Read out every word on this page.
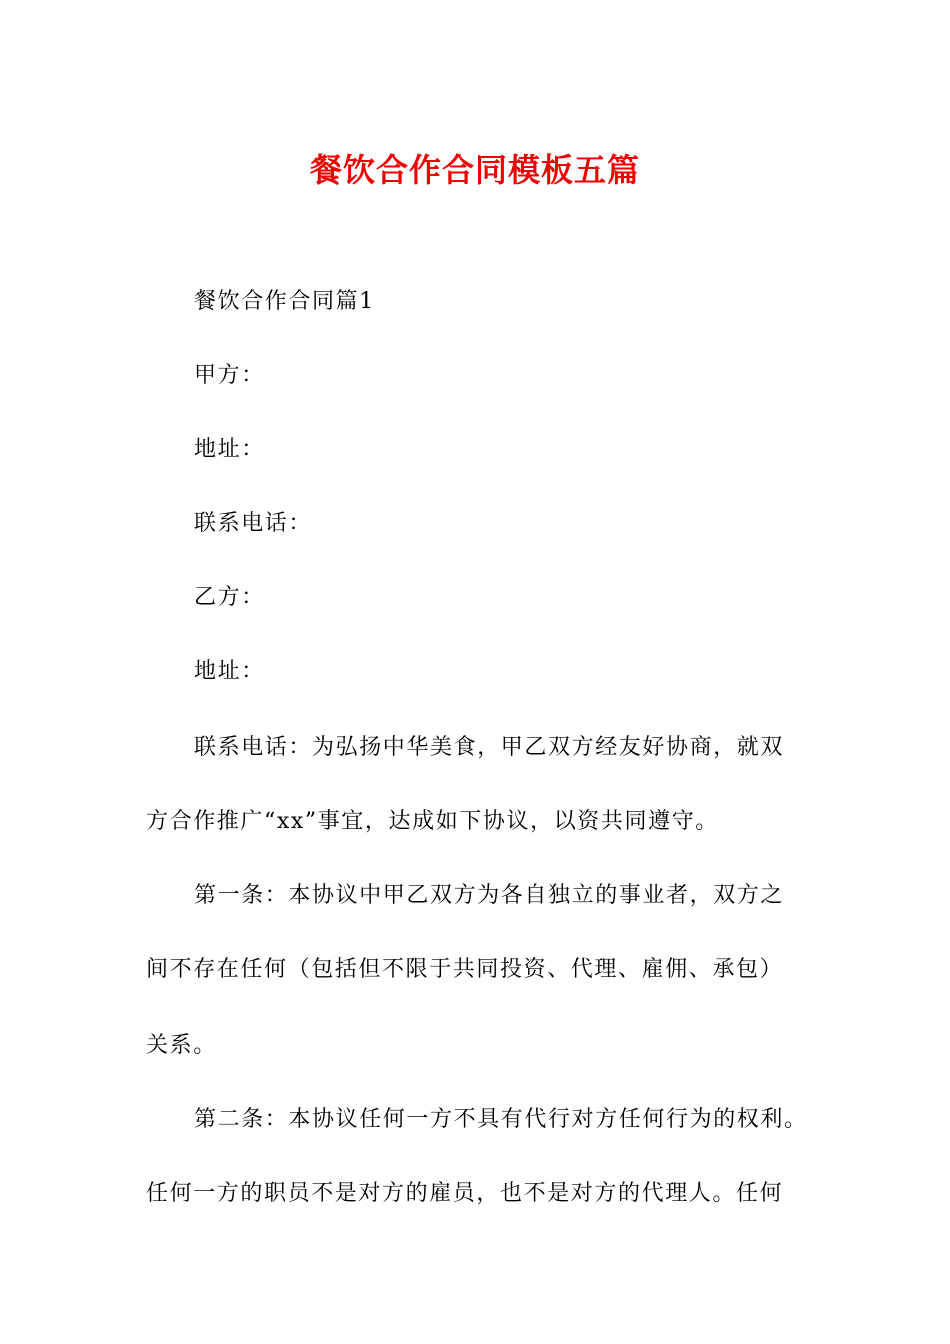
餐饮合作合同模板五篇
餐饮合作合同篇1
甲方：
地址：
联系电话：
乙方：
地址：
联系电话：为弘扬中华美食，甲乙双方经友好协商，就双
方合作推广“xx”事宜，达成如下协议，以资共同遵守。
第一条：本协议中甲乙双方为各自独立的事业者，双方之
间不存在任何（包括但不限于共同投资、代理、雇佣、承包）
关系。
第二条：本协议任何一方不具有代行对方任何行为的权利。
任何一方的职员不是对方的雇员，也不是对方的代理人。任何
